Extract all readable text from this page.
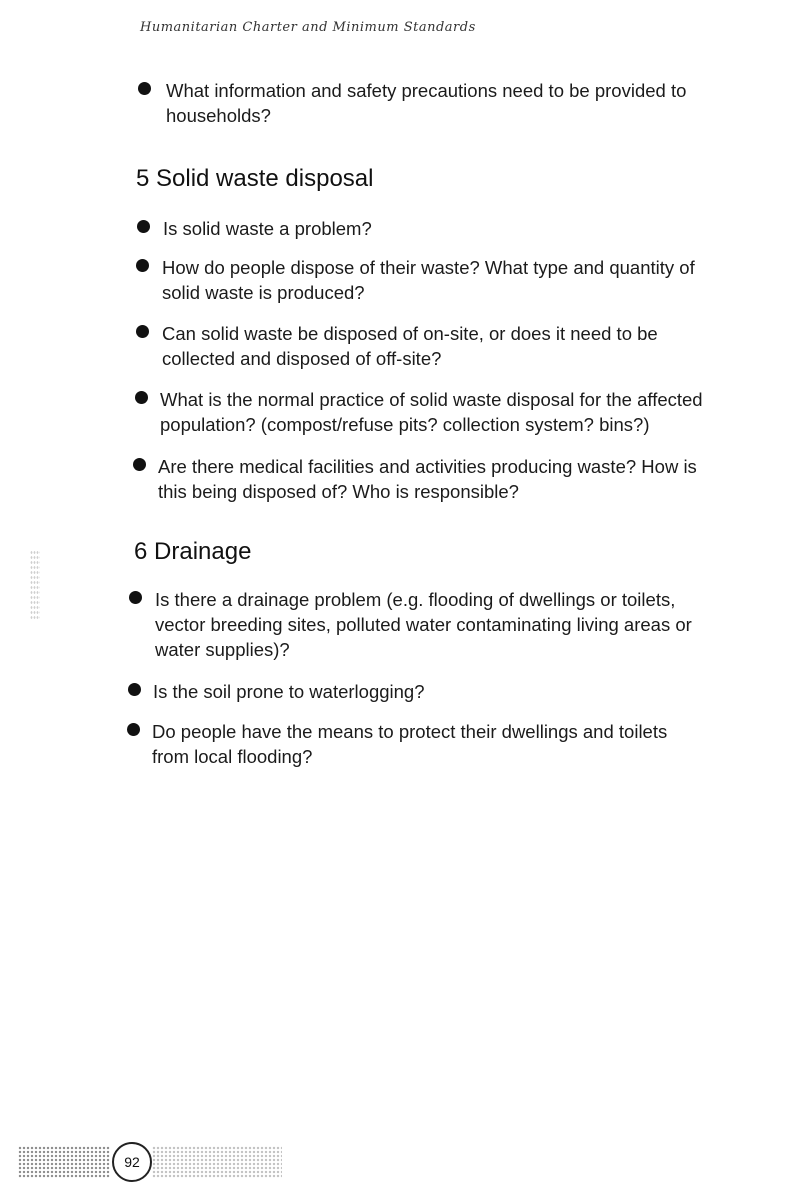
Humanitarian Charter and Minimum Standards
What information and safety precautions need to be provided to
households?
5 Solid waste disposal
Is solid waste a problem?
How do people dispose of their waste? What type and quantity of
solid waste is produced?
Can solid waste be disposed of on-site, or does it need to be
collected and disposed of off-site?
What is the normal practice of solid waste disposal for the affected
population? (compost/refuse pits? collection system? bins?)
Are there medical facilities and activities producing waste? How is
this being disposed of? Who is responsible?
6 Drainage
Is there a drainage problem (e.g. flooding of dwellings or toilets,
vector breeding sites, polluted water contaminating living areas or
water supplies)?
Is the soil prone to waterlogging?
Do people have the means to protect their dwellings and toilets
from local flooding?
92
